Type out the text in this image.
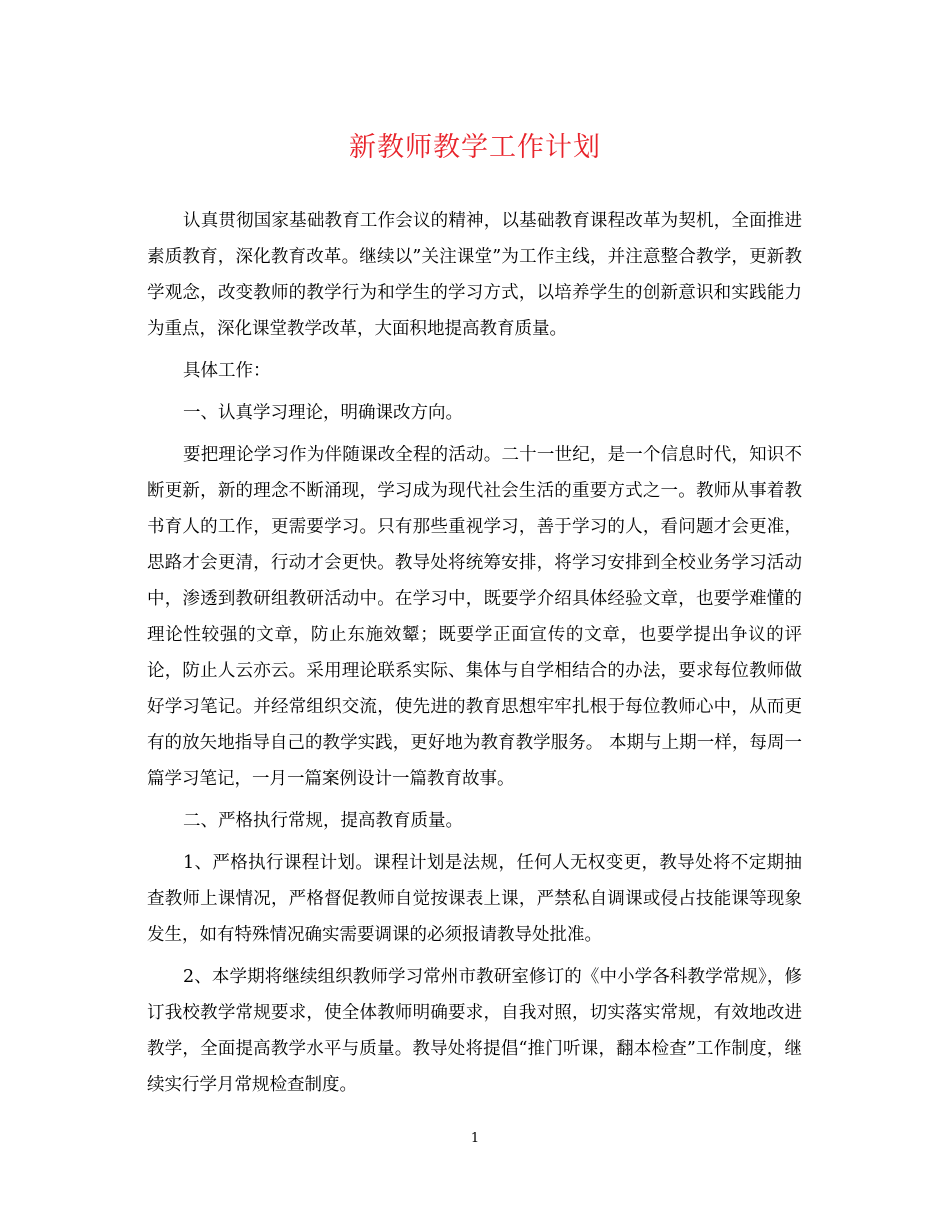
新教师教学工作计划

认真贯彻国家基础教育工作会议的精神，以基础教育课程改革为契机，全面推进素质教育，深化教育改革。继续以”关注课堂”为工作主线，并注意整合教学，更新教学观念，改变教师的教学行为和学生的学习方式，以培养学生的创新意识和实践能力为重点，深化课堂教学改革，大面积地提高教育质量。

具体工作：

一、认真学习理论，明确课改方向。

要把理论学习作为伴随课改全程的活动。二十一世纪，是一个信息时代，知识不断更新，新的理念不断涌现，学习成为现代社会生活的重要方式之一。教师从事着教书育人的工作，更需要学习。只有那些重视学习，善于学习的人，看问题才会更准，思路才会更清，行动才会更快。教导处将统筹安排，将学习安排到全校业务学习活动中，渗透到教研组教研活动中。在学习中，既要学介绍具体经验文章，也要学难懂的理论性较强的文章，防止东施效颦；既要学正面宣传的文章，也要学提出争议的评论，防止人云亦云。采用理论联系实际、集体与自学相结合的办法，要求每位教师做好学习笔记。并经常组织交流，使先进的教育思想牢牢扎根于每位教师心中，从而更有的放矢地指导自己的教学实践，更好地为教育教学服务。 本期与上期一样，每周一篇学习笔记，一月一篇案例设计一篇教育故事。

二、严格执行常规，提高教育质量。

1、严格执行课程计划。课程计划是法规，任何人无权变更，教导处将不定期抽查教师上课情况，严格督促教师自觉按课表上课，严禁私自调课或侵占技能课等现象发生，如有特殊情况确实需要调课的必须报请教导处批准。

2、本学期将继续组织教师学习常州市教研室修订的《中小学各科教学常规》，修订我校教学常规要求，使全体教师明确要求，自我对照，切实落实常规，有效地改进教学，全面提高教学水平与质量。教导处将提倡“推门听课，翻本检查”工作制度，继续实行学月常规检查制度。

1
